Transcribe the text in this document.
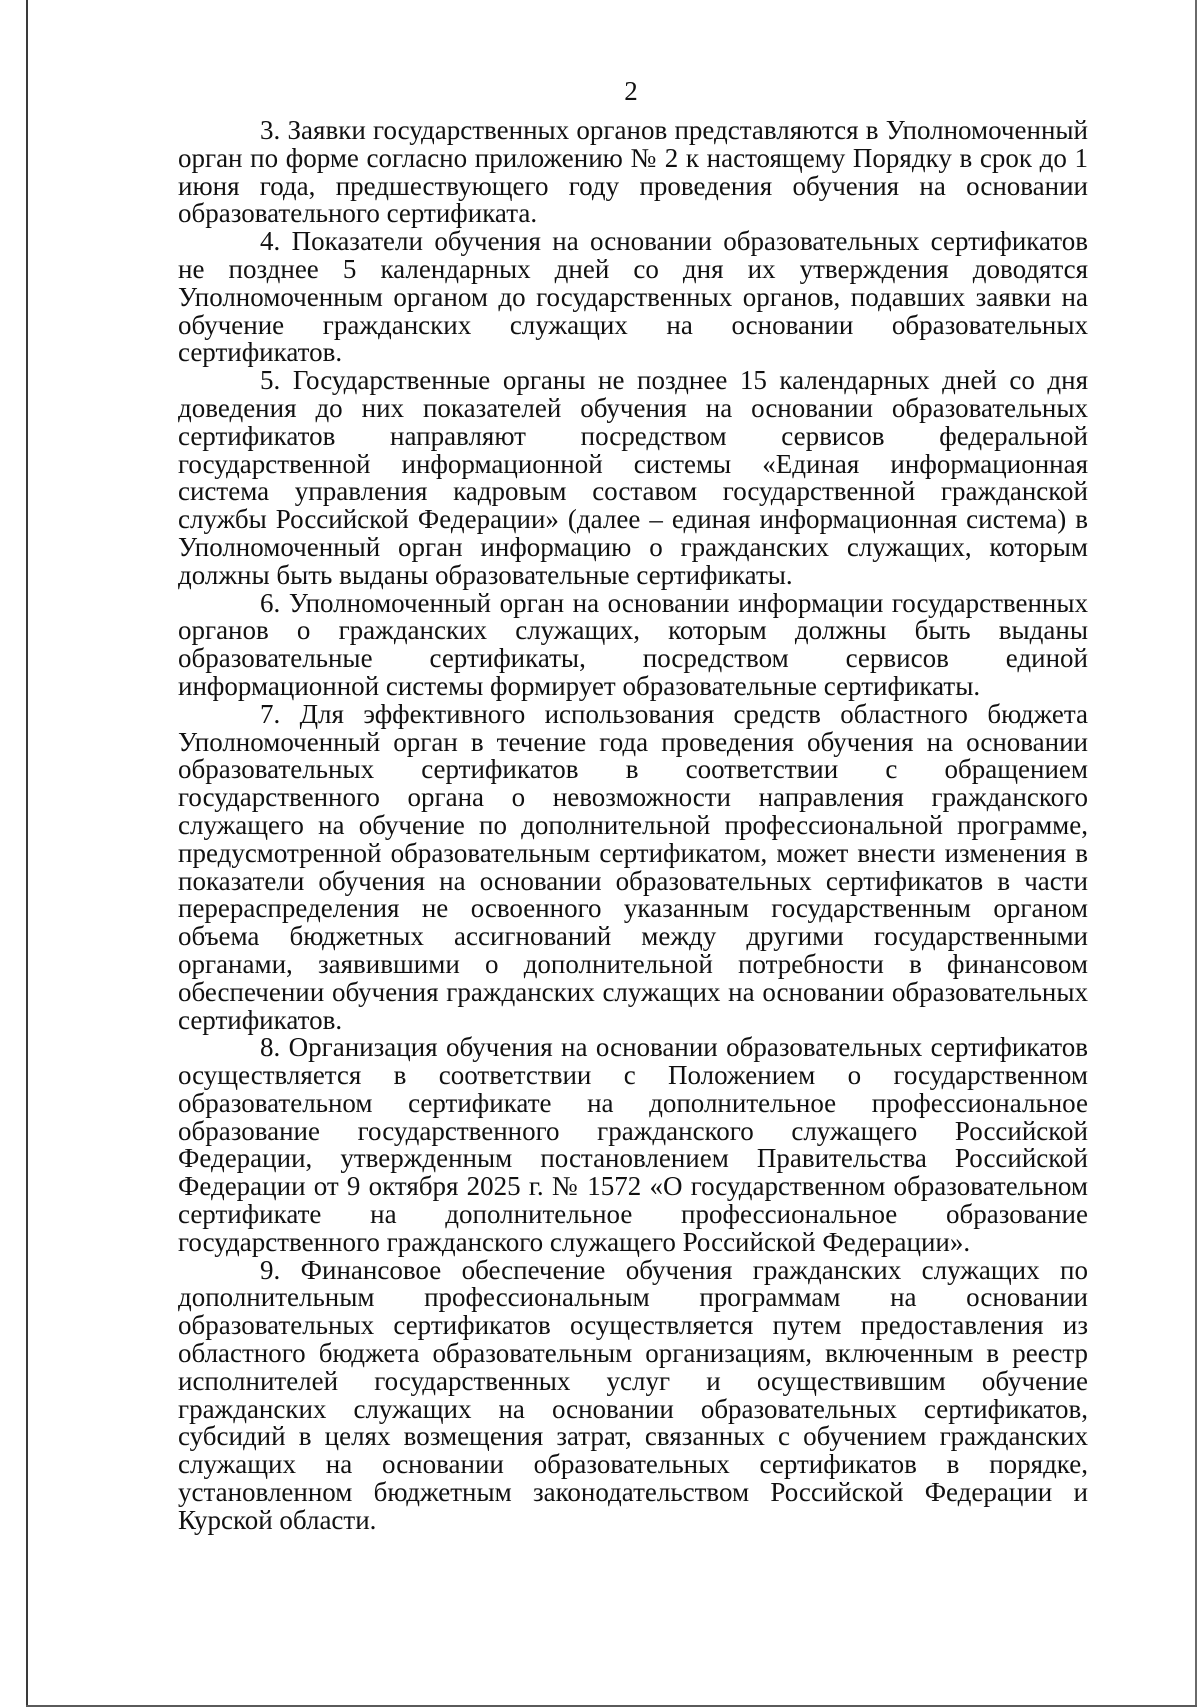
2

3. Заявки государственных органов представляются в Уполномоченный орган по форме согласно приложению № 2 к настоящему Порядку в срок до 1 июня года, предшествующего году проведения обучения на основании образовательного сертификата.

4. Показатели обучения на основании образовательных сертификатов не позднее 5 календарных дней со дня их утверждения доводятся Уполномоченным органом до государственных органов, подавших заявки на обучение гражданских служащих на основании образовательных сертификатов.

5. Государственные органы не позднее 15 календарных дней со дня доведения до них показателей обучения на основании образовательных сертификатов направляют посредством сервисов федеральной государственной информационной системы «Единая информационная система управления кадровым составом государственной гражданской службы Российской Федерации» (далее – единая информационная система) в Уполномоченный орган информацию о гражданских служащих, которым должны быть выданы образовательные сертификаты.

6. Уполномоченный орган на основании информации государственных органов о гражданских служащих, которым должны быть выданы образовательные сертификаты, посредством сервисов единой информационной системы формирует образовательные сертификаты.

7. Для эффективного использования средств областного бюджета Уполномоченный орган в течение года проведения обучения на основании образовательных сертификатов в соответствии с обращением государственного органа о невозможности направления гражданского служащего на обучение по дополнительной профессиональной программе, предусмотренной образовательным сертификатом, может внести изменения в показатели обучения на основании образовательных сертификатов в части перераспределения не освоенного указанным государственным органом объема бюджетных ассигнований между другими государственными органами, заявившими о дополнительной потребности в финансовом обеспечении обучения гражданских служащих на основании образовательных сертификатов.

8. Организация обучения на основании образовательных сертификатов осуществляется в соответствии с Положением о государственном образовательном сертификате на дополнительное профессиональное образование государственного гражданского служащего Российской Федерации, утвержденным постановлением Правительства Российской Федерации от 9 октября 2025 г. № 1572 «О государственном образовательном сертификате на дополнительное профессиональное образование государственного гражданского служащего Российской Федерации».

9. Финансовое обеспечение обучения гражданских служащих по дополнительным профессиональным программам на основании образовательных сертификатов осуществляется путем предоставления из областного бюджета образовательным организациям, включенным в реестр исполнителей государственных услуг и осуществившим обучение гражданских служащих на основании образовательных сертификатов, субсидий в целях возмещения затрат, связанных с обучением гражданских служащих на основании образовательных сертификатов в порядке, установленном бюджетным законодательством Российской Федерации и Курской области.
